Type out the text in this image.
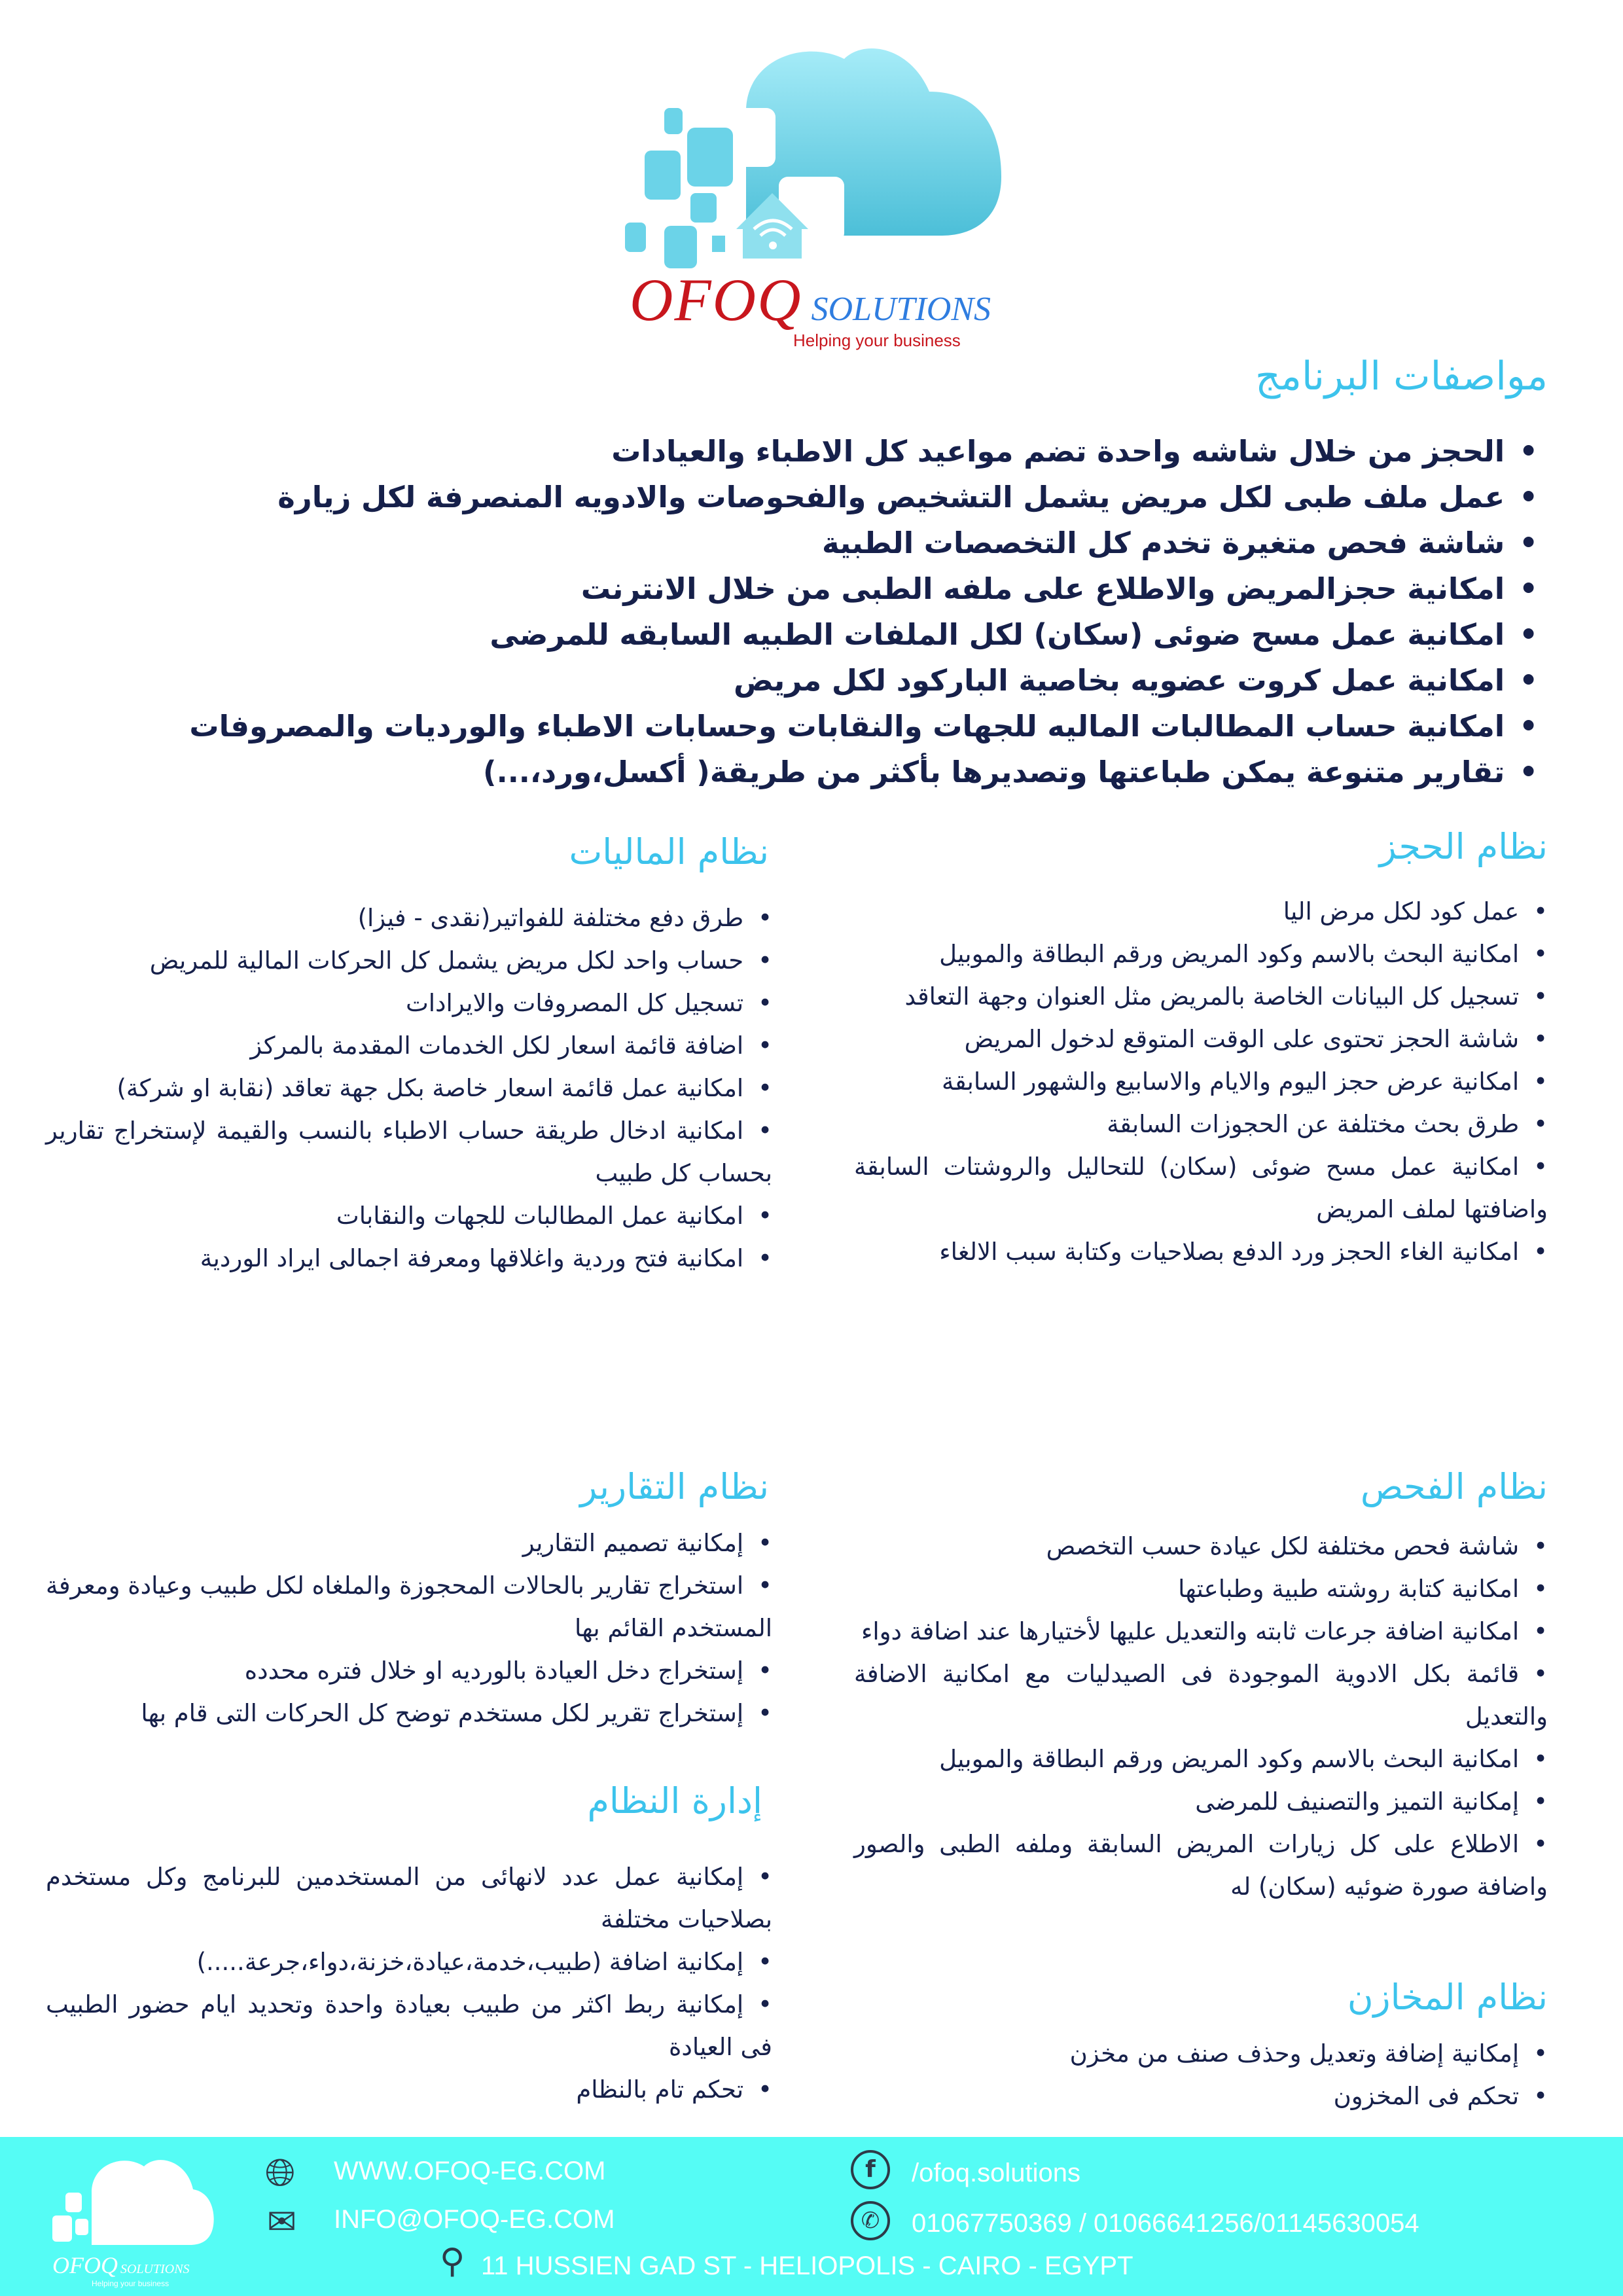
OFOQ SOLUTIONS
Helping your business
مواصفات البرنامج
• الحجز من خلال شاشه واحدة تضم مواعيد كل الاطباء والعيادات
• عمل ملف طبى لكل مريض يشمل التشخيص والفحوصات والادويه المنصرفة لكل زيارة
• شاشة فحص متغيرة تخدم كل التخصصات الطبية
• امكانية حجزالمريض والاطلاع على ملفه الطبى من خلال الانترنت
• امكانية عمل مسح ضوئى (سكان) لكل الملفات الطبيه السابقه للمرضى
• امكانية عمل كروت عضويه بخاصية الباركود لكل مريض
• امكانية حساب المطالبات الماليه للجهات والنقابات وحسابات الاطباء والورديات والمصروفات
• تقارير متنوعة يمكن طباعتها وتصديرها بأكثر من طريقة( أكسل،ورد،...)
نظام الحجز
• عمل كود لكل مرض اليا
• امكانية البحث بالاسم وكود المريض ورقم البطاقة والموبيل
• تسجيل كل البيانات الخاصة بالمريض مثل العنوان وجهة التعاقد
• شاشة الحجز تحتوى على الوقت المتوقع لدخول المريض
• امكانية عرض حجز اليوم والايام والاسابيع والشهور السابقة
• طرق بحث مختلفة عن الحجوزات السابقة
• امكانية عمل مسح ضوئى (سكان) للتحاليل والروشتات السابقة واضافتها لملف المريض
• امكانية الغاء الحجز ورد الدفع بصلاحيات وكتابة سبب الالغاء
نظام الماليات
• طرق دفع مختلفة للفواتير(نقدى - فيزا)
• حساب واحد لكل مريض يشمل كل الحركات المالية للمريض
• تسجيل كل المصروفات والايرادات
• اضافة قائمة اسعار لكل الخدمات المقدمة بالمركز
• امكانية عمل قائمة اسعار خاصة بكل جهة تعاقد (نقابة او شركة)
• امكانية ادخال طريقة حساب الاطباء بالنسب والقيمة لإستخراج تقارير بحساب كل طبيب
• امكانية عمل المطالبات للجهات والنقابات
• امكانية فتح وردية واغلاقها ومعرفة اجمالى ايراد الوردية
نظام الفحص
• شاشة فحص مختلفة لكل عيادة حسب التخصص
• امكانية كتابة روشته طبية وطباعتها
• امكانية اضافة جرعات ثابته والتعديل عليها لأختيارها عند اضافة دواء
• قائمة بكل الادوية الموجودة فى الصيدليات مع امكانية الاضافة والتعديل
• امكانية البحث بالاسم وكود المريض ورقم البطاقة والموبيل
• إمكانية التميز والتصنيف للمرضى
• الاطلاع على كل زيارات المريض السابقة وملفه الطبى والصور واضافة صورة ضوئيه (سكان) له
نظام التقارير
• إمكانية تصميم التقارير
• استخراج تقارير بالحالات المحجوزة والملغاه لكل طبيب وعيادة ومعرفة المستخدم القائم بها
• إستخراج دخل العيادة بالورديه او خلال فتره محدده
• إستخراج تقرير لكل مستخدم توضح كل الحركات التى قام بها
إدارة النظام
• إمكانية عمل عدد لانهائى من المستخدمين للبرنامج وكل مستخدم بصلاحيات مختلفة
• إمكانية اضافة (طبيب،خدمة،عيادة،خزنة،دواء،جرعة.....)
• إمكانية ربط اكثر من طبيب بعيادة واحدة وتحديد ايام حضور الطبيب فى العيادة
• تحكم تام بالنظام
نظام المخازن
• إمكانية إضافة وتعديل وحذف صنف من مخزن
• تحكم فى المخزون
OFOQ SOLUTIONS
Helping your business
🌐︎ WWW.OFOQ-EG.COM
✉ INFO@OFOQ-EG.COM
f	/ofoq.solutions
✆	01067750369 / 01066641256/01145630054
⚲ 11 HUSSIEN GAD ST - HELIOPOLIS - CAIRO - EGYPT
